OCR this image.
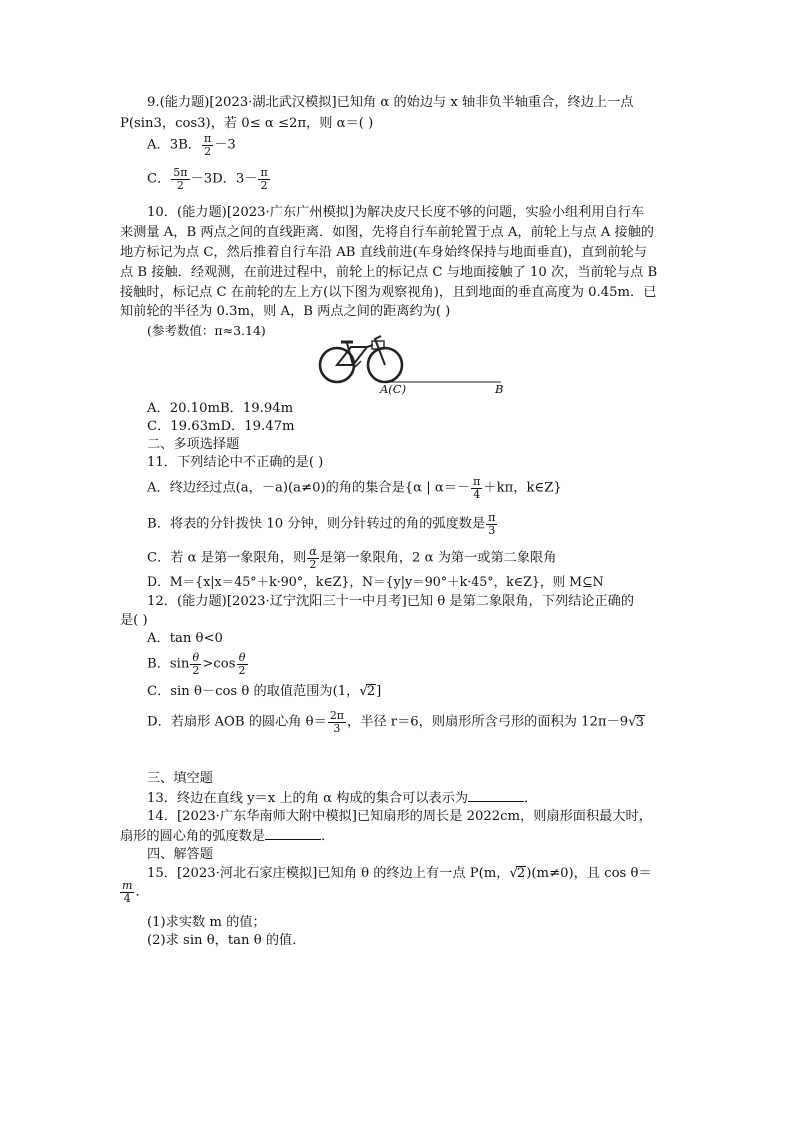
9.(能力题)[2023·湖北武汉模拟]已知角 α 的始边与 x 轴非负半轴重合，终边上一点
P(sin3，cos3)，若 0≤ α ≤2π，则 α＝( )
A．3B． $\frac{\pi}{2} -3$
C． $\frac{5\pi}{2} -3D$．$3- \frac{\pi}{2}$
10．(能力题)[2023·广东广州模拟]为解决皮尺长度不够的问题，实验小组利用自行车
来测量 A，B 两点之间的直线距离．如图，先将自行车前轮置于点 A，前轮上与点 A 接触的
地方标记为点 C，然后推着自行车沿 AB 直线前进(车身始终保持与地面垂直)，直到前轮与
点 B 接触．经观测，在前进过程中，前轮上的标记点 C 与地面接触了 10 次，当前轮与点 B
接触时，标记点 C 在前轮的左上方(以下图为观察视角)，且到地面的垂直高度为 0.45m．已
知前轮的半径为 0.3m，则 A，B 两点之间的距离约为( )
(参考数值：π≈3.14)
A(C)	B
A．20.10mB．19.94m
C．19.63mD．19.47m
二、多项选择题
11．下列结论中不正确的是( )
A．终边经过点(a，－a)(a≠0)的角的集合是{α | $\alpha=- \frac{\pi}{4} +k\pi$，k∈Z}
B．将表的分针拨快 10 分钟，则分针转过的角的弧度数是 $\frac{\pi}{3}$
C．若 α 是第一象限角，则 $\frac{\alpha}{2}$ 是第一象限角，2 α 为第一或第二象限角
D．M＝{x|x＝45°＋k·90°，k∈Z}，N＝{y|y＝90°＋k·45°，k∈Z}，则 M⊆N
12．(能力题)[2023·辽宁沈阳三十一中月考]已知 θ 是第二象限角，下列结论正确的
是( )
A．tan θ<0
B．$\sin \frac{\theta}{2} >\cos \frac{\theta}{2}$
C．sin θ－cos θ 的取值范围为(1，√2]
D．若扇形 AOB 的圆心角 $\theta= \frac{2\pi}{3}$ ，半径 r＝6，则扇形所含弓形的面积为 12π－9√3
三、填空题
13．终边在直线 y＝x 上的角 α 构成的集合可以表示为	．
14．[2023·广东华南师大附中模拟]已知扇形的周长是 2022cm，则扇形面积最大时，
扇形的圆心角的弧度数是	．
四、解答题
15．[2023·河北石家庄模拟]已知角 θ 的终边上有一点 P(m，√2)(m≠0)，且 cos θ＝
$\frac{m}{4}$ ．
(1)求实数 m 的值；
(2)求 sin θ，tan θ 的值．
